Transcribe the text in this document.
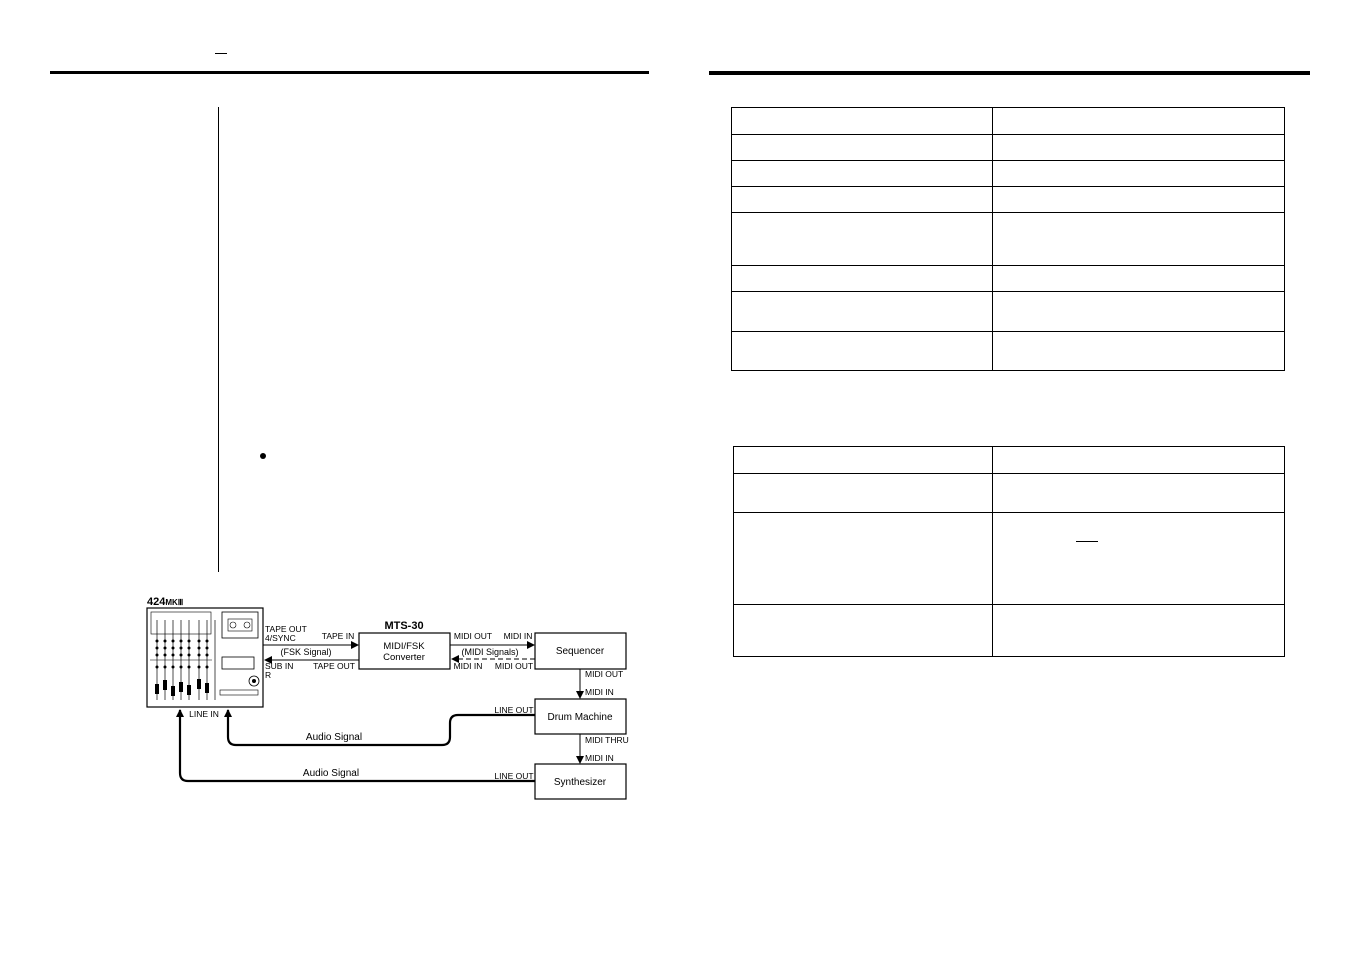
424MKⅢ
MTS-30
MIDI/FSK
Converter
Sequencer
Drum Machine
Synthesizer
TAPE OUT
4/SYNC
SUB IN
R
LINE IN
TAPE IN
(FSK Signal)
TAPE OUT
MIDI OUT MIDI IN
(MIDI Signals)
MIDI IN MIDI OUT
MIDI OUT
MIDI IN
MIDI THRU
MIDI IN
LINE OUT
Audio Signal
LINE OUT
Audio Signal
